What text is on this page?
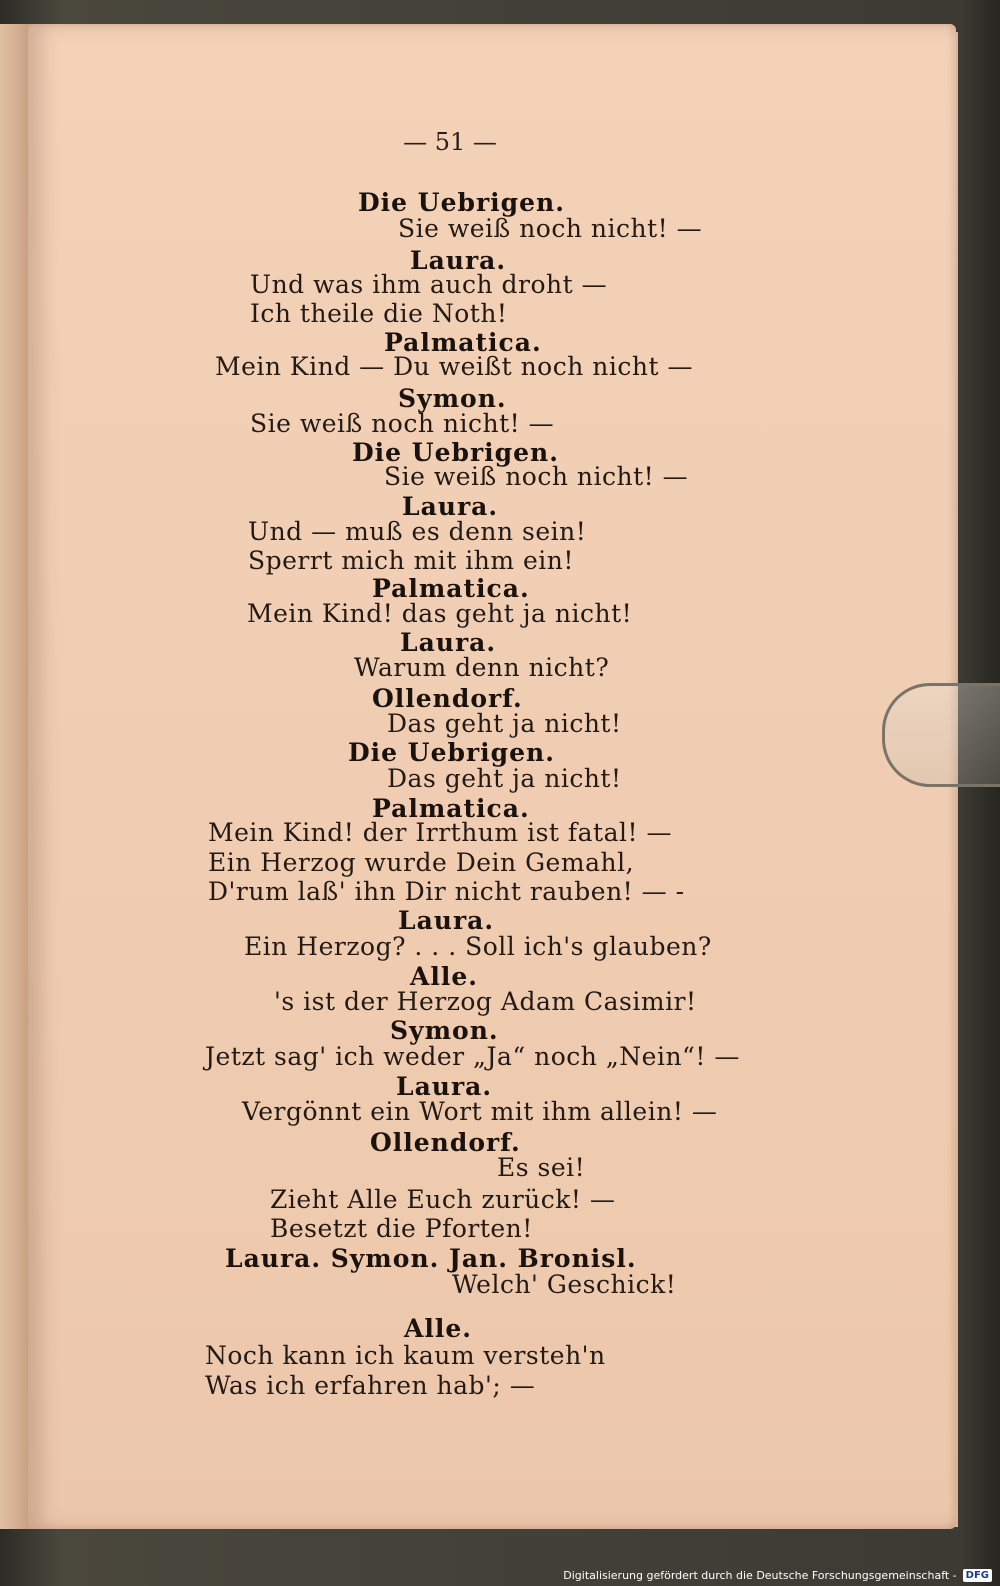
— 51 —
Die Uebrigen.
Sie weiß noch nicht! —
Laura.
Und was ihm auch droht —
Ich theile die Noth!
Palmatica.
Mein Kind — Du weißt noch nicht —
Symon.
Sie weiß noch nicht! —
Die Uebrigen.
Sie weiß noch nicht! —
Laura.
Und — muß es denn sein!
Sperrt mich mit ihm ein!
Palmatica.
Mein Kind! das geht ja nicht!
Laura.
Warum denn nicht?
Ollendorf.
Das geht ja nicht!
Die Uebrigen.
Das geht ja nicht!
Palmatica.
Mein Kind! der Irrthum ist fatal! —
Ein Herzog wurde Dein Gemahl,
D'rum laß' ihn Dir nicht rauben! — -
Laura.
Ein Herzog? . . . Soll ich's glauben?
Alle.
's ist der Herzog Adam Casimir!
Symon.
Jetzt sag' ich weder „Ja“ noch „Nein“! —
Laura.
Vergönnt ein Wort mit ihm allein! —
Ollendorf.
Es sei!
Zieht Alle Euch zurück! —
Besetzt die Pforten!
Laura. Symon. Jan. Bronisl.
Welch' Geschick!
Alle.
Noch kann ich kaum versteh'n
Was ich erfahren hab'; —
Digitalisierung gefördert durch die Deutsche Forschungsgemeinschaft - DFG
